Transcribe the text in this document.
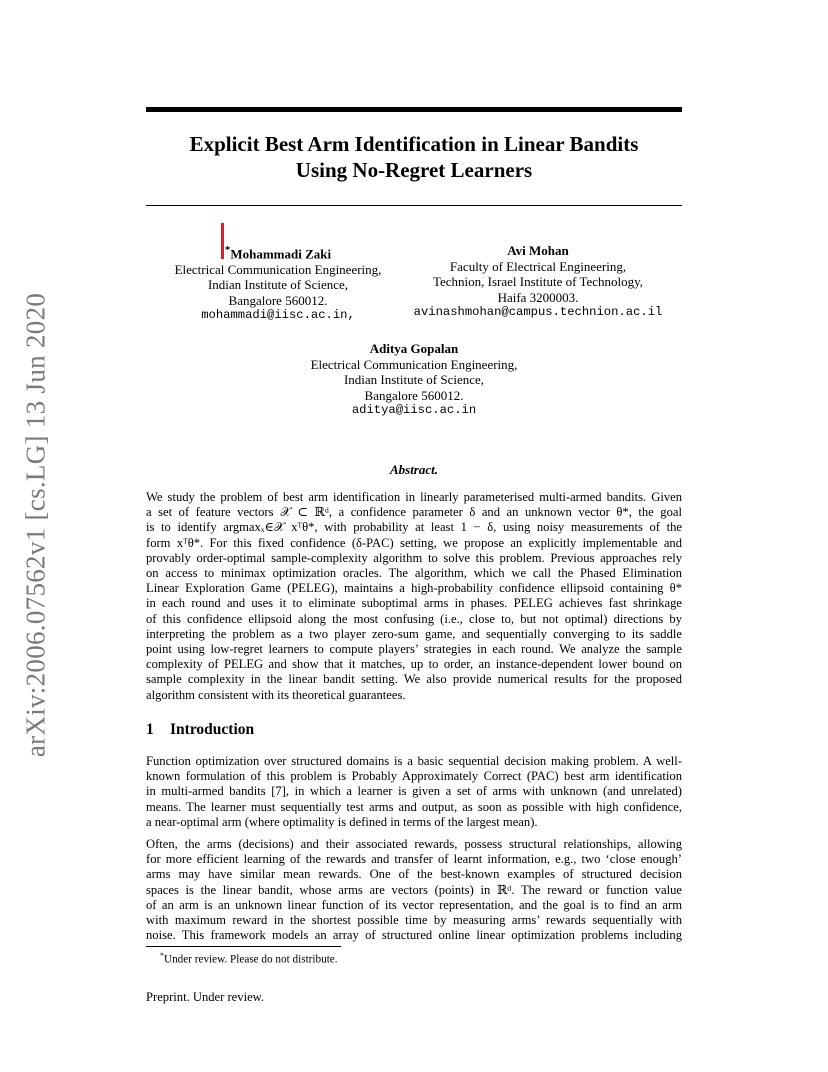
arXiv:2006.07562v1 [cs.LG] 13 Jun 2020
Explicit Best Arm Identification in Linear Bandits
Using No-Regret Learners
*Mohammadi Zaki
Electrical Communication Engineering,
Indian Institute of Science,
Bangalore 560012.
mohammadi@iisc.ac.in,
Avi Mohan
Faculty of Electrical Engineering,
Technion, Israel Institute of Technology,
Haifa 3200003.
avinashmohan@campus.technion.ac.il
Aditya Gopalan
Electrical Communication Engineering,
Indian Institute of Science,
Bangalore 560012.
aditya@iisc.ac.in
Abstract.
We study the problem of best arm identification in linearly parameterised multi-armed bandits. Given
a set of feature vectors 𝒳 ⊂ ℝᵈ, a confidence parameter δ and an unknown vector θ*, the goal
is to identify argmaxₓ∈𝒳 xᵀθ*, with probability at least 1 − δ, using noisy measurements of the
form xᵀθ*. For this fixed confidence (δ-PAC) setting, we propose an explicitly implementable and
provably order-optimal sample-complexity algorithm to solve this problem. Previous approaches rely
on access to minimax optimization oracles. The algorithm, which we call the Phased Elimination
Linear Exploration Game (PELEG), maintains a high-probability confidence ellipsoid containing θ*
in each round and uses it to eliminate suboptimal arms in phases. PELEG achieves fast shrinkage
of this confidence ellipsoid along the most confusing (i.e., close to, but not optimal) directions by
interpreting the problem as a two player zero-sum game, and sequentially converging to its saddle
point using low-regret learners to compute players’ strategies in each round. We analyze the sample
complexity of PELEG and show that it matches, up to order, an instance-dependent lower bound on
sample complexity in the linear bandit setting. We also provide numerical results for the proposed
algorithm consistent with its theoretical guarantees.
1 Introduction
Function optimization over structured domains is a basic sequential decision making problem. A well-
known formulation of this problem is Probably Approximately Correct (PAC) best arm identification
in multi-armed bandits [7], in which a learner is given a set of arms with unknown (and unrelated)
means. The learner must sequentially test arms and output, as soon as possible with high confidence,
a near-optimal arm (where optimality is defined in terms of the largest mean).
Often, the arms (decisions) and their associated rewards, possess structural relationships, allowing
for more efficient learning of the rewards and transfer of learnt information, e.g., two ‘close enough’
arms may have similar mean rewards. One of the best-known examples of structured decision
spaces is the linear bandit, whose arms are vectors (points) in ℝᵈ. The reward or function value
of an arm is an unknown linear function of its vector representation, and the goal is to find an arm
with maximum reward in the shortest possible time by measuring arms’ rewards sequentially with
noise. This framework models an array of structured online linear optimization problems including
*Under review. Please do not distribute.
Preprint. Under review.
